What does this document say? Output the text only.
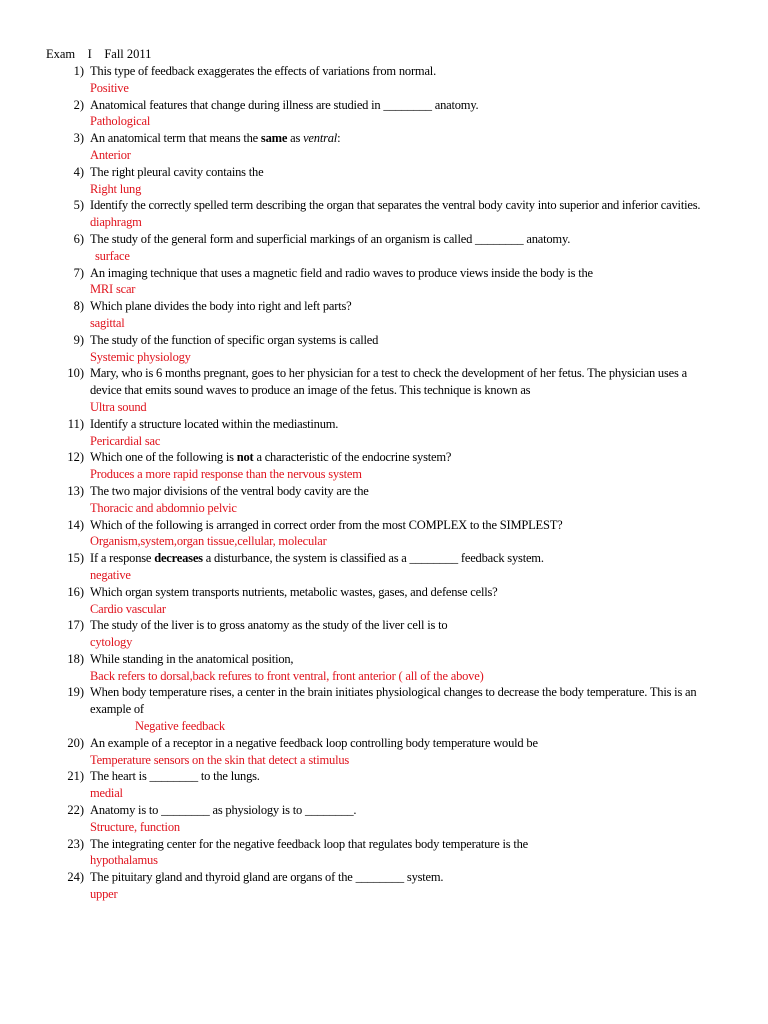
Exam    I    Fall 2011
1) This type of feedback exaggerates the effects of variations from normal.
Positive
2) Anatomical features that change during illness are studied in ________ anatomy.
Pathological
3) An anatomical term that means the same as ventral:
Anterior
4) The right pleural cavity contains the
Right lung
5) Identify the correctly spelled term describing the organ that separates the ventral body cavity into superior and inferior cavities.
diaphragm
6) The study of the general form and superficial markings of an organism is called ________ anatomy.
surface
7) An imaging technique that uses a magnetic field and radio waves to produce views inside the body is the
MRI scar
8) Which plane divides the body into right and left parts?
sagittal
9) The study of the function of specific organ systems is called
Systemic physiology
10) Mary, who is 6 months pregnant, goes to her physician for a test to check the development of her fetus. The physician uses a device that emits sound waves to produce an image of the fetus. This technique is known as
Ultra sound
11) Identify a structure located within the mediastinum.
Pericardial sac
12) Which one of the following is not a characteristic of the endocrine system?
Produces a more rapid response than the nervous system
13) The two major divisions of the ventral body cavity are the
Thoracic and abdomnio pelvic
14) Which of the following is arranged in correct order from the most COMPLEX to the SIMPLEST?
Organism,system,organ tissue,cellular, molecular
15) If a response decreases a disturbance, the system is classified as a ________ feedback system.
negative
16) Which organ system transports nutrients, metabolic wastes, gases, and defense cells?
Cardio vascular
17) The study of the liver is to gross anatomy as the study of the liver cell is to
cytology
18) While standing in the anatomical position,
Back refers to dorsal,back refures to front ventral, front anterior ( all of the above)
19) When body temperature rises, a center in the brain initiates physiological changes to decrease the body temperature. This is an example of
Negative feedback
20) An example of a receptor in a negative feedback loop controlling body temperature would be
Temperature sensors on the skin that detect a stimulus
21) The heart is ________ to the lungs.
medial
22) Anatomy is to ________ as physiology is to ________.
Structure, function
23) The integrating center for the negative feedback loop that regulates body temperature is the
hypothalamus
24) The pituitary gland and thyroid gland are organs of the ________ system.
upper
